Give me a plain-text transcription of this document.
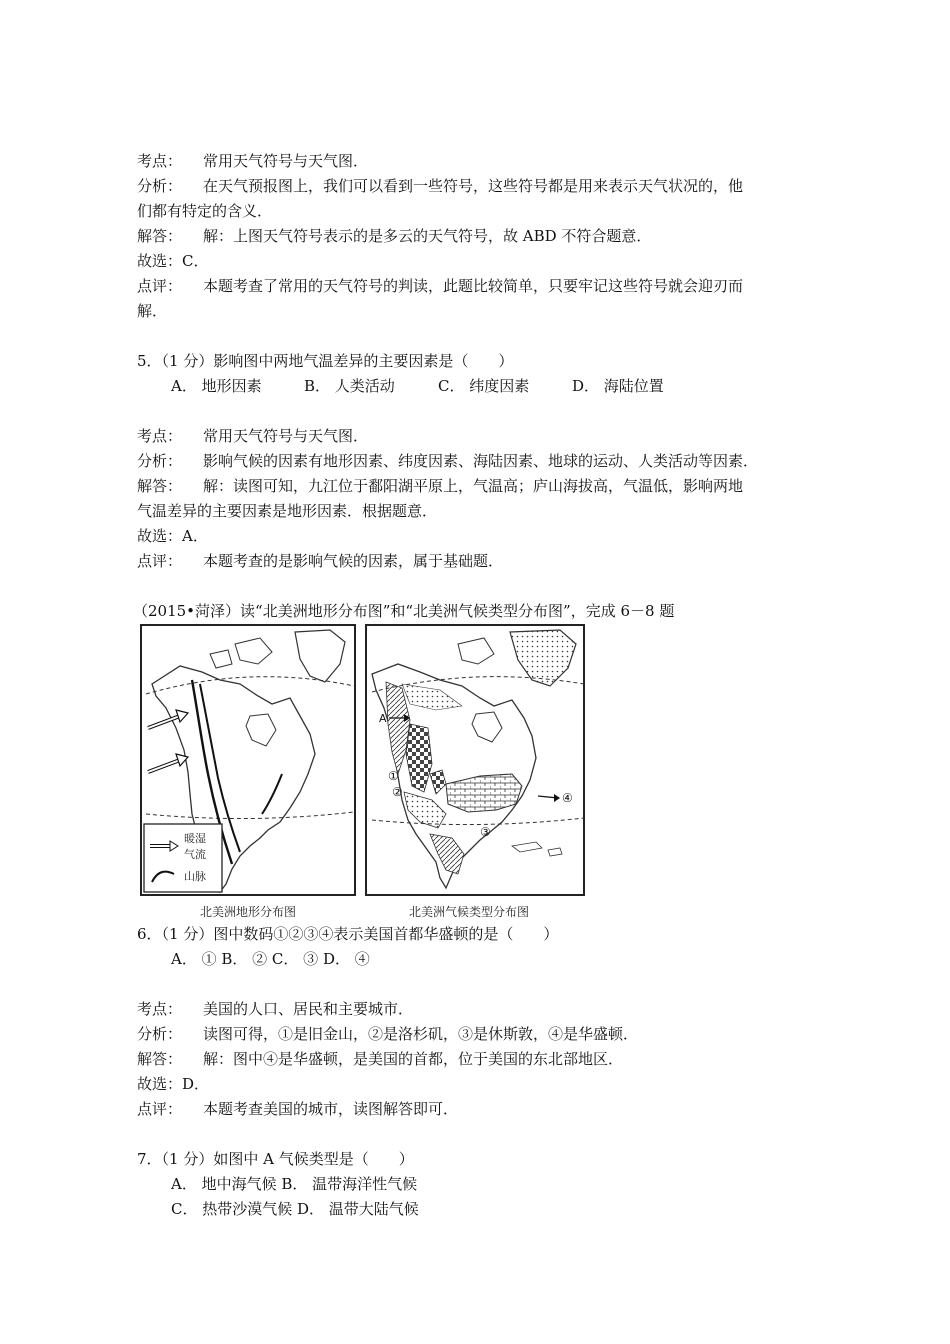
考点： 常用天气符号与天气图．
分析： 在天气预报图上，我们可以看到一些符号，这些符号都是用来表示天气状况的，他
们都有特定的含义．
解答： 解：上图天气符号表示的是多云的天气符号，故 ABD 不符合题意．
故选：C．
点评： 本题考查了常用的天气符号的判读，此题比较简单，只要牢记这些符号就会迎刃而
解．
5．（1 分）影响图中两地气温差异的主要因素是（　　）
A． 地形因素	B． 人类活动	C． 纬度因素	D． 海陆位置
考点： 常用天气符号与天气图．
分析： 影响气候的因素有地形因素、纬度因素、海陆因素、地球的运动、人类活动等因素．
解答： 解：读图可知，九江位于鄱阳湖平原上，气温高；庐山海拔高，气温低，影响两地
气温差异的主要因素是地形因素．根据题意．
故选：A．
点评： 本题考查的是影响气候的因素，属于基础题．
（2015•菏泽）读“北美洲地形分布图”和“北美洲气候类型分布图”，完成 6－8 题
暖湿
气流
山脉
A
①
②
③
④
北美洲地形分布图	北美洲气候类型分布图
6．（1 分）图中数码①②③④表示美国首都华盛顿的是（　　）
A． ① B． ② C． ③ D． ④
考点： 美国的人口、居民和主要城市．
分析： 读图可得，①是旧金山，②是洛杉矶，③是休斯敦，④是华盛顿．
解答： 解：图中④是华盛顿，是美国的首都，位于美国的东北部地区．
故选：D．
点评： 本题考查美国的城市，读图解答即可．
7．（1 分）如图中 A 气候类型是（　　）
A． 地中海气候 B． 温带海洋性气候
C． 热带沙漠气候 D． 温带大陆气候
